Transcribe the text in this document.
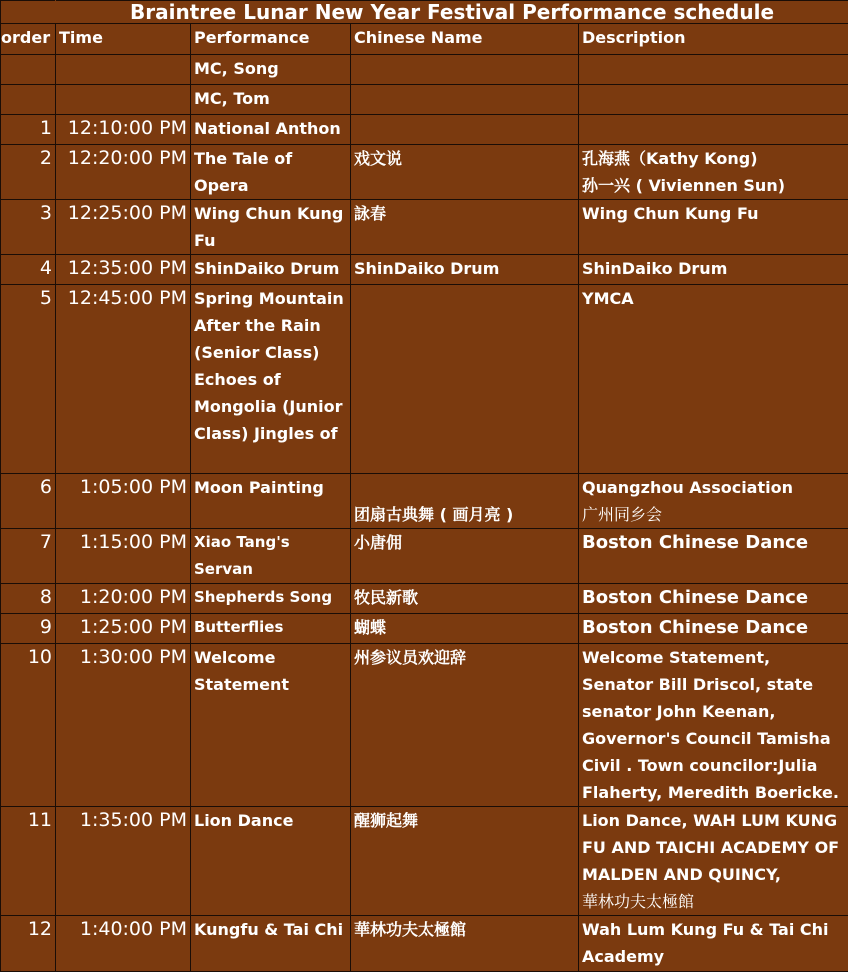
	Braintree Lunar New Year Festival Performance schedule			
order	Time	Performance	Chinese Name	Description
		MC, Song		
		MC, Tom		
1	12:10:00 PM	National Anthon		
2	12:20:00 PM	The Tale of Opera	戏文说	孔海燕（Kathy Kong)
孙一兴 ( Viviennen Sun)

3	12:25:00 PM	Wing Chun Kung Fu	詠春	Wing Chun Kung Fu
4	12:35:00 PM	ShinDaiko Drum	ShinDaiko Drum	ShinDaiko Drum
5	12:45:00 PM	Spring Mountain After the Rain (Senior Class) Echoes of Mongolia (Junior Class) Jingles of		YMCA
6	1:05:00 PM	Moon Painting	团扇古典舞 ( 画月亮 )	Quangzhou Association
广州同乡会

7	1:15:00 PM	Xiao Tang's Servan	小唐佣	Boston Chinese Dance
8	1:20:00 PM	Shepherds Song	牧民新歌	Boston Chinese Dance
9	1:25:00 PM	Butterflies	蝴蝶	Boston Chinese Dance
10	1:30:00 PM	Welcome Statement	州参议员欢迎辞	Welcome Statement, Senator Bill Driscol, state senator John Keenan, Governor's Council Tamisha Civil . Town councilor:Julia Flaherty, Meredith Boericke.
11	1:35:00 PM	Lion Dance	醒狮起舞	Lion Dance, WAH LUM KUNG FU AND TAICHI ACADEMY OF MALDEN AND QUINCY,
華林功夫太極館

12	1:40:00 PM	Kungfu & Tai Chi	華林功夫太極館	Wah Lum Kung Fu & Tai Chi Academy
